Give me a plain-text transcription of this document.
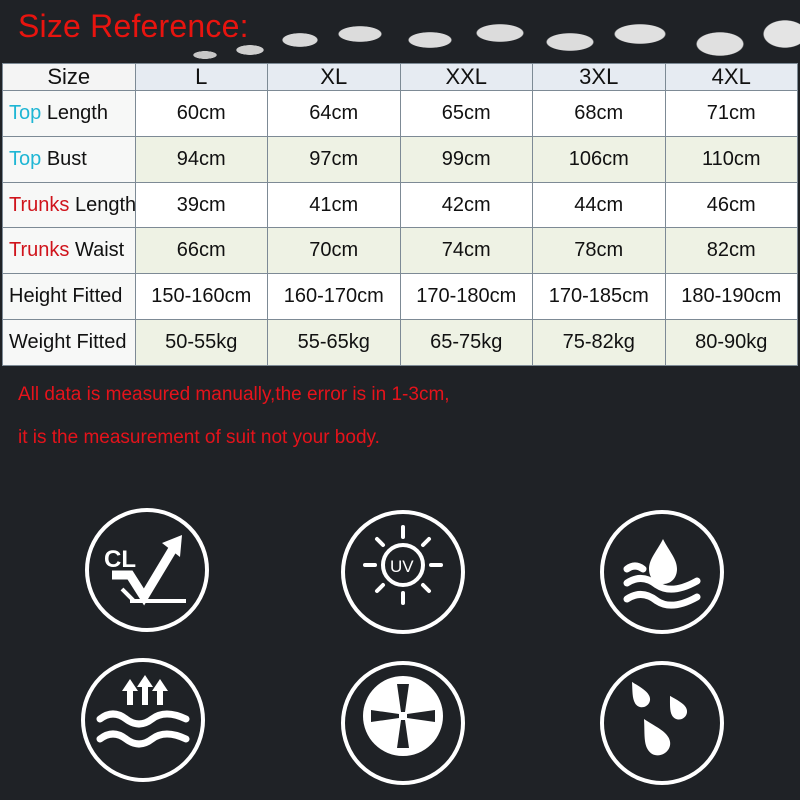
Size Reference:
Size	L	XL	XXL	3XL	4XL
Top Length	60cm	64cm	65cm	68cm	71cm
Top Bust	94cm	97cm	99cm	106cm	110cm
Trunks Length	39cm	41cm	42cm	44cm	46cm
Trunks Waist	66cm	70cm	74cm	78cm	82cm
Height Fitted	150-160cm	160-170cm	170-180cm	170-185cm	180-190cm
Weight Fitted	50-55kg	55-65kg	65-75kg	75-82kg	80-90kg

All data is measured manually,the error is in 1-3cm,

it is the measurement of suit not your body.

CL	UV
